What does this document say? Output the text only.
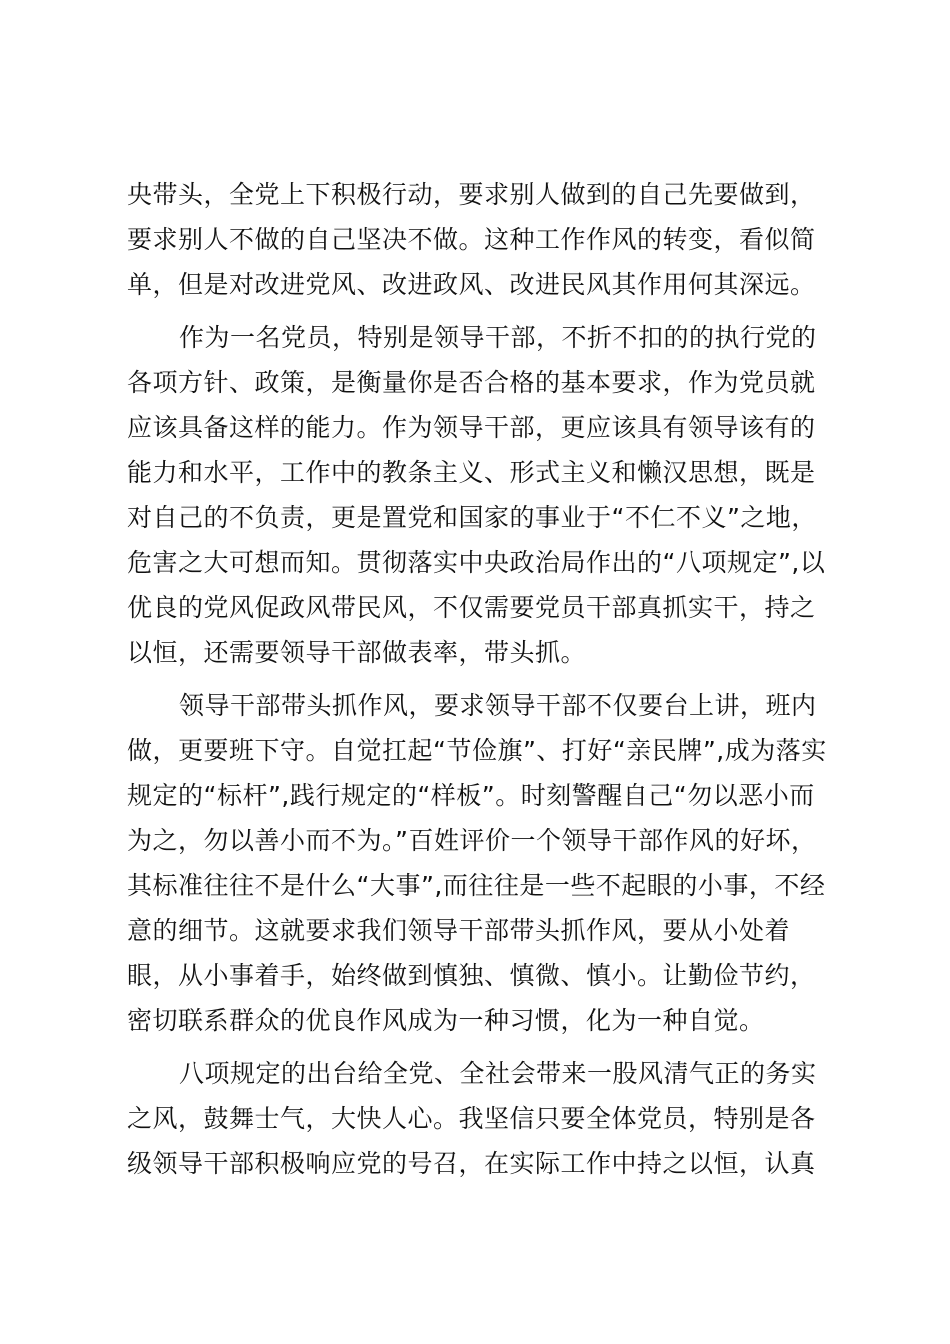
央带头，全党上下积极行动，要求别人做到的自己先要做到，
要求别人不做的自己坚决不做。这种工作作风的转变，看似简
单，但是对改进党风、改进政风、改进民风其作用何其深远。
作为一名党员，特别是领导干部，不折不扣的的执行党的
各项方针、政策，是衡量你是否合格的基本要求，作为党员就
应该具备这样的能力。作为领导干部，更应该具有领导该有的
能力和水平，工作中的教条主义、形式主义和懒汉思想，既是
对自己的不负责，更是置党和国家的事业于“不仁不义”之地，
危害之大可想而知。贯彻落实中央政治局作出的“八项规定”,以
优良的党风促政风带民风，不仅需要党员干部真抓实干，持之
以恒，还需要领导干部做表率，带头抓。
领导干部带头抓作风，要求领导干部不仅要台上讲，班内
做，更要班下守。自觉扛起“节俭旗”、打好“亲民牌”,成为落实
规定的“标杆”,践行规定的“样板”。时刻警醒自己“勿以恶小而
为之，勿以善小而不为。”百姓评价一个领导干部作风的好坏，
其标准往往不是什么“大事”,而往往是一些不起眼的小事，不经
意的细节。这就要求我们领导干部带头抓作风，要从小处着
眼，从小事着手，始终做到慎独、慎微、慎小。让勤俭节约，
密切联系群众的优良作风成为一种习惯，化为一种自觉。
八项规定的出台给全党、全社会带来一股风清气正的务实
之风，鼓舞士气，大快人心。我坚信只要全体党员，特别是各
级领导干部积极响应党的号召，在实际工作中持之以恒，认真
